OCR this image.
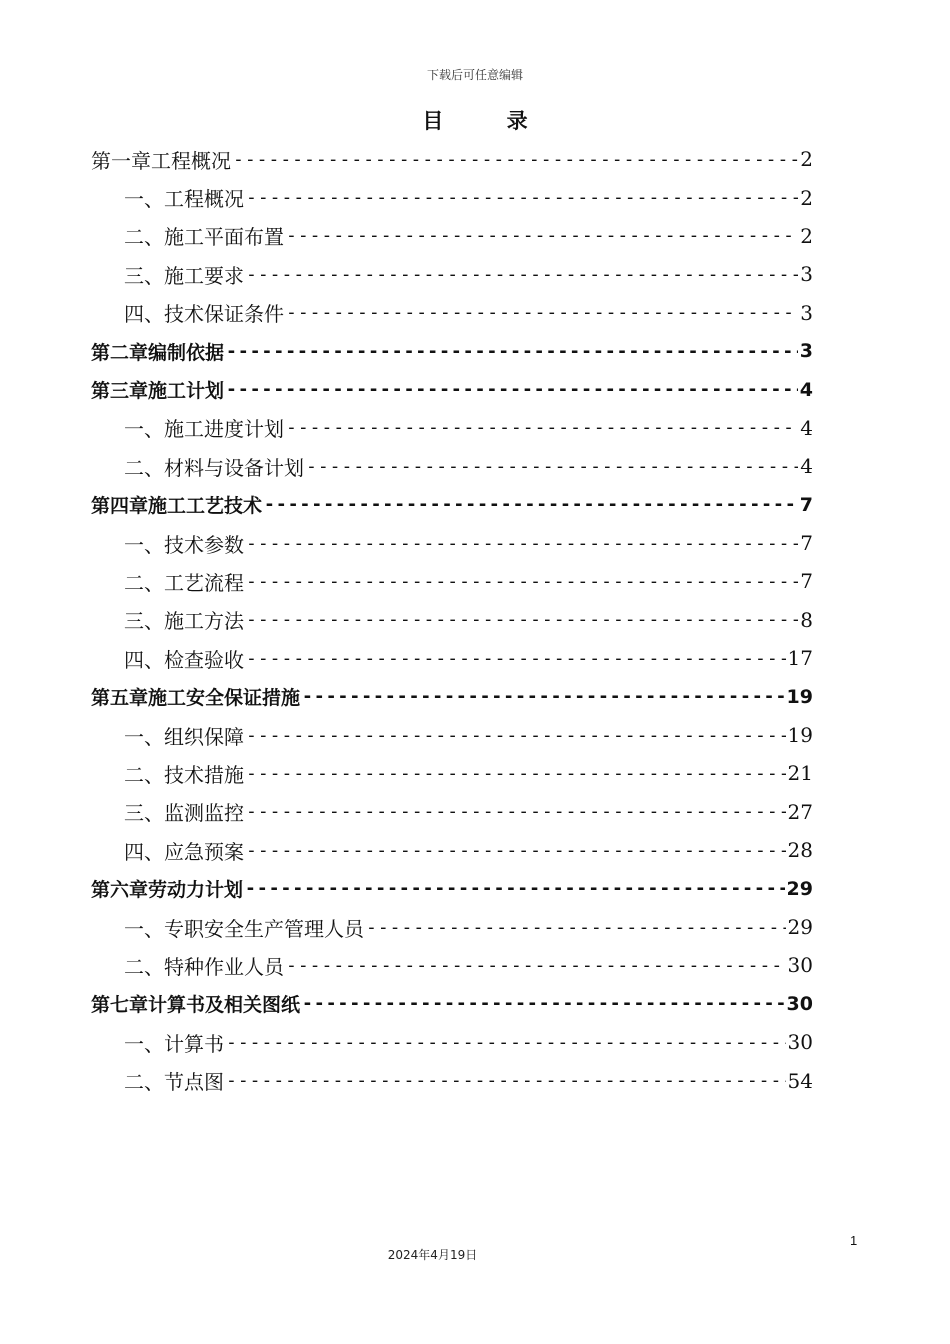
下载后可任意编辑
目 录
第一章 工程概况 -----	2
一、 工程概况 -----	2
二、 施工平面布置 -----	2
三、 施工要求 -----	3
四、 技术保证条件 -----	3
第二章 编制依据 -----	3
第三章 施工计划 -----	4
一、 施工进度计划 -----	4
二、 材料与设备计划 -----	4
第四章 施工工艺技术 -----	7
一、 技术参数 -----	7
二、 工艺流程 -----	7
三、 施工方法 -----	8
四、 检查验收 -----	17
第五章 施工安全保证措施 -----	19
一、 组织保障 -----	19
二、 技术措施 -----	21
三、 监测监控 -----	27
四、 应急预案 -----	28
第六章 劳动力计划 -----	29
一、 专职安全生产管理人员 -----	29
二、 特种作业人员 -----	30
第七章 计算书及相关图纸 -----	30
一、 计算书 -----	30
二、 节点图 -----	54
1
2024年4月19日
